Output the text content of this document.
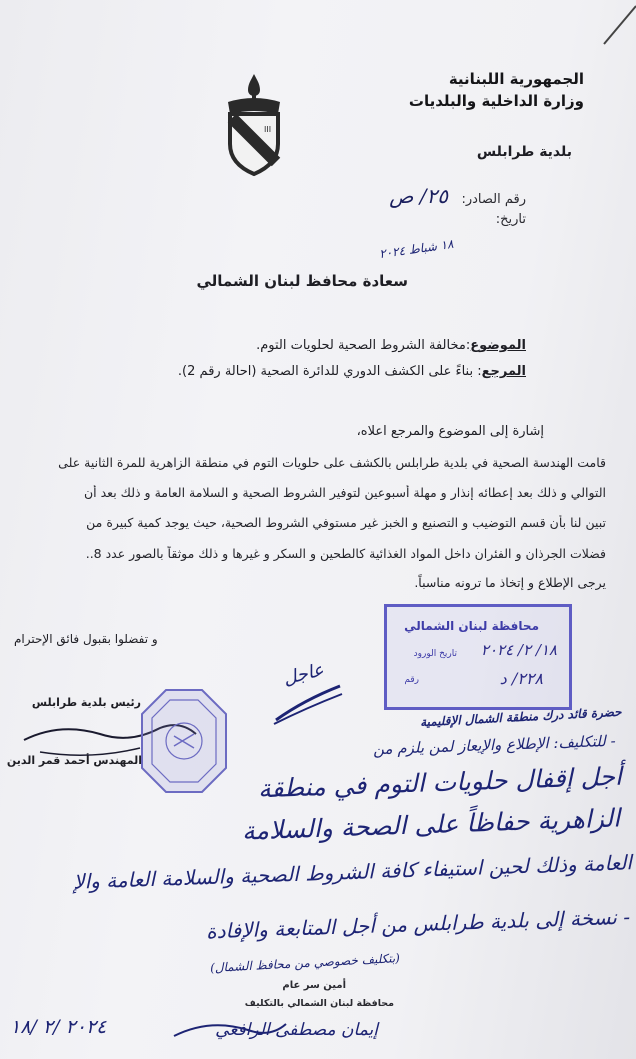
الجمهورية اللبنانية
وزارة الداخلية والبلديات
بلدية طرابلس
III
رقم الصادر:
٢٥/ ص
تاريخ:
١٨ شباط ٢٠٢٤
سعادة محافظ لبنان الشمالي
الموضوع:مخالفة الشروط الصحية لحلويات التوم.
المرجع: بناءً على الكشف الدوري للدائرة الصحية (احالة رقم 2).
إشارة إلى الموضوع والمرجع اعلاه،
قامت الهندسة الصحية في بلدية طرابلس بالكشف على حلويات التوم في منطقة الزاهرية للمرة الثانية على
التوالي و ذلك بعد إعطائه إنذار و مهلة أسبوعين لتوفير الشروط الصحية و السلامة العامة و ذلك بعد أن
تبين لنا بأن قسم التوضيب و التصنيع و الخبز غير مستوفي الشروط الصحية، حيث يوجد كمية كبيرة من
فضلات الجرذان و الفئران داخل المواد الغذائية كالطحين و السكر و غيرها و ذلك موثقاً بالصور عدد 8..
يرجى الإطلاع و إتخاذ ما ترونه مناسباً.
و تفضلوا بقبول فائق الإحترام
محافظة لبنان الشمالي
تاريخ الورود ١٨/ ٢/ ٢٠٢٤
رقم	٢٢٨/ د
عاجل
رئيس بلدية طرابلس
المهندس أحمد قمر الدين
حضرة قائد درك منطقة الشمال الإقليمية
- للتكليف: الإطلاع والإيعاز لمن يلزم من
أجل إقفال حلويات التوم في منطقة
الزاهرية حفاظاً على الصحة والسلامة
العامة وذلك لحين استيفاء كافة الشروط الصحية والسلامة العامة والإ
- نسخة إلى بلدية طرابلس من أجل المتابعة والإفادة
(بتكليف خصوصي من محافظ الشمال)
أمين سر عام
محافظة لبنان الشمالي بالتكليف
إيمان مصطفى الرافعي
٢٠٢٤ /٢ /١٨
